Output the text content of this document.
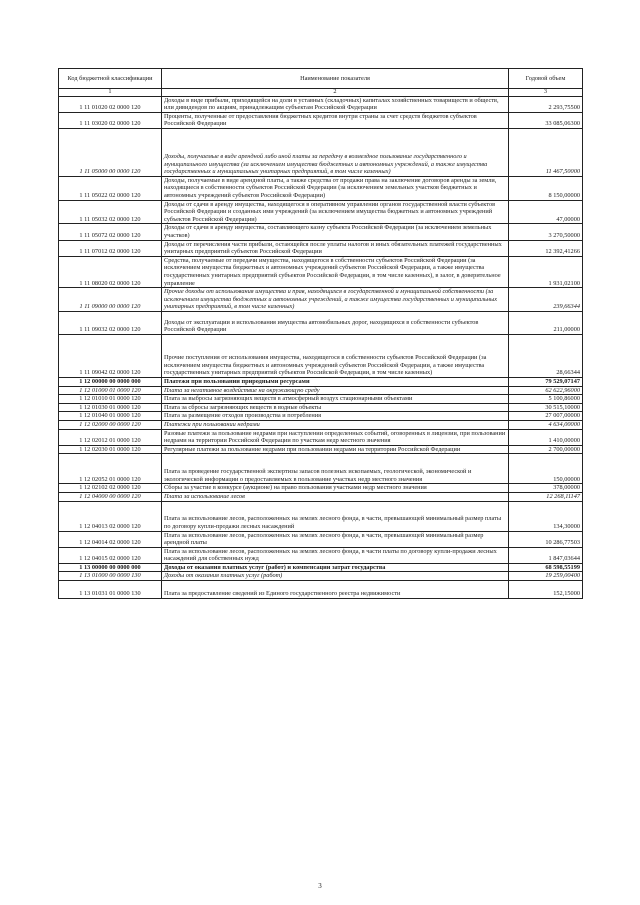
Код бюджетной классификации	Наименование показателя	Годовой объем
1	2	3
1 11 01020 02 0000 120	Доходы в виде прибыли, приходящейся на доли в уставных (складочных) капиталах хозяйственных товариществ и обществ, или дивидендов по акциям, принадлежащим субъектам Российской Федерации	2 293,75500
1 11 03020 02 0000 120	Проценты, полученные от предоставления бюджетных кредитов внутри страны за счет средств бюджетов субъектов Российской Федерации	33 085,06300
1 11 05000 00 0000 120	Доходы, получаемые в виде арендной либо иной платы за передачу в возмездное пользование государственного и муниципального имущества (за исключением имущества бюджетных и автономных учреждений, а также имущества государственных и муниципальных унитарных предприятий, в том числе казенных)	11 467,50000
1 11 05022 02 0000 120	Доходы, получаемые в виде арендной платы, а также средства от продажи права на заключение договоров аренды за земли, находящиеся в собственности субъектов Российской Федерации (за исключением земельных участков бюджетных и автономных учреждений субъектов Российской Федерации)	8 150,00000
1 11 05032 02 0000 120	Доходы от сдачи в аренду имущества, находящегося в оперативном управлении органов государственной власти субъектов Российской Федерации и созданных ими учреждений (за исключением имущества бюджетных и автономных учреждений субъектов Российской Федерации)	47,00000
1 11 05072 02 0000 120	Доходы от сдачи в аренду имущества, составляющего казну субъекта Российской Федерации (за исключением земельных участков)	3 270,50000
1 11 07012 02 0000 120	Доходы от перечисления части прибыли, остающейся после уплаты налогов и иных обязательных платежей государственных унитарных предприятий субъектов Российской Федерации	12 392,41266
1 11 08020 02 0000 120	Средства, получаемые от передачи имущества, находящегося в собственности субъектов Российской Федерации (за исключением имущества бюджетных и автономных учреждений субъектов Российской Федерации, а также имущества государственных унитарных предприятий субъектов Российской Федерации, в том числе казенных), в залог, в доверительное управление	1 931,02100
1 11 09000 00 0000 120	Прочие доходы от использования имущества и прав, находящихся в государственной и муниципальной собственности (за исключением имущества бюджетных и автономных учреждений, а также имущества государственных и муниципальных унитарных предприятий, в том числе казенных)	239,66344
1 11 09032 02 0000 120	Доходы от эксплуатации и использования имущества автомобильных дорог, находящихся в собственности субъектов Российской Федерации	211,00000
1 11 09042 02 0000 120	Прочие поступления от использования имущества, находящегося в собственности субъектов Российской Федерации (за исключением имущества бюджетных и автономных учреждений субъектов Российской Федерации, а также имущества государственных унитарных предприятий субъектов Российской Федерации, в том числе казенных)	28,66344
1 12 00000 00 0000 000	Платежи при пользовании природными ресурсами	79 529,07147
1 12 01000 01 0000 120	Плата за негативное воздействие на окружающую среду	62 622,96000
1 12 01010 01 0000 120	Плата за выбросы загрязняющих веществ в атмосферный воздух стационарными объектами	5 100,86000
1 12 01030 01 0000 120	Плата за сбросы загрязняющих веществ в водные объекты	30 515,10000
1 12 01040 01 0000 120	Плата за размещение отходов производства и потребления	27 007,00000
1 12 02000 00 0000 120	Платежи при пользовании недрами	4 634,00000
1 12 02012 01 0000 120	Разовые платежи за пользование недрами при наступлении определенных событий, оговоренных в лицензии, при пользовании недрами на территории Российской Федерации по участкам недр местного значения	1 410,00000
1 12 02030 01 0000 120	Регулярные платежи за пользование недрами при пользовании недрами на территории Российской Федерации	2 700,00000
1 12 02052 01 0000 120	Плата за проведение государственной экспертизы запасов полезных ископаемых, геологической, экономической и экологической информации о предоставляемых в пользование участках недр местного значения	150,00000
1 12 02102 02 0000 120	Сборы за участие в конкурсе (аукционе) на право пользования участками недр местного значения	378,00000
1 12 04000 00 0000 120	Плата за использование лесов	12 268,11147
1 12 04013 02 0000 120	Плата за использование лесов, расположенных на землях лесного фонда, в части, превышающей минимальный размер платы по договору купли-продажи лесных насаждений	134,30000
1 12 04014 02 0000 120	Плата за использование лесов, расположенных на землях лесного фонда, в части, превышающей минимальный размер арендной платы	10 286,77503
1 12 04015 02 0000 120	Плата за использование лесов, расположенных на землях лесного фонда, в части платы по договору купли-продажи лесных насаждений для собственных нужд	1 847,03644
1 13 00000 00 0000 000	Доходы от оказания платных услуг (работ) и компенсации затрат государства	68 598,55199
1 13 01000 00 0000 130	Доходы от оказания платных услуг (работ)	19 259,00400
1 13 01031 01 0000 130	Плата за предоставление сведений из Единого государственного реестра недвижимости	152,15000
3
